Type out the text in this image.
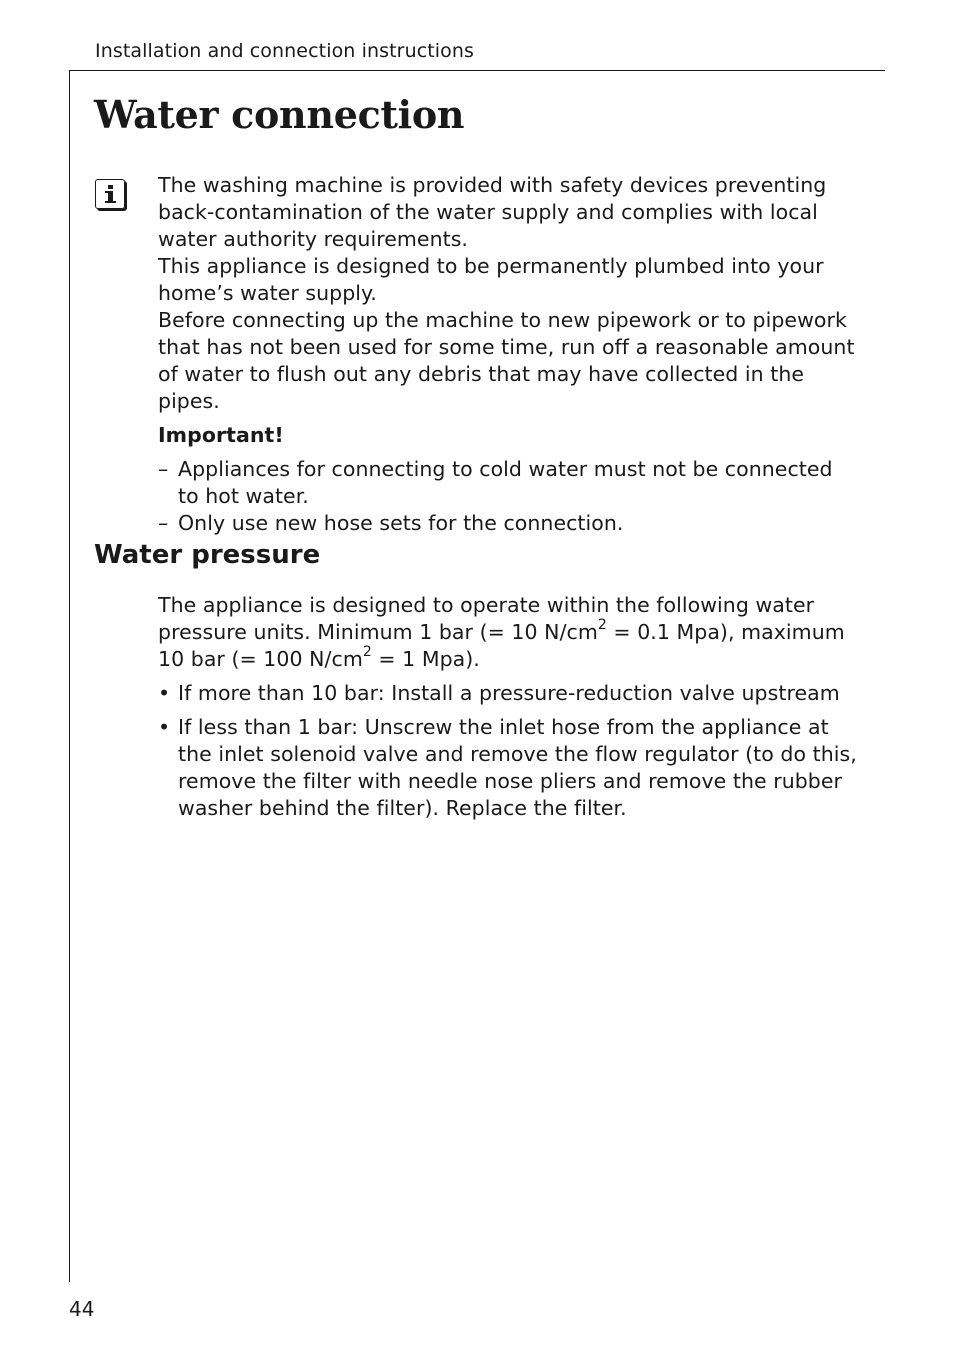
Installation and connection instructions
Water connection

The washing machine is provided with safety devices preventing back-contamination of the water supply and complies with local water authority requirements.

This appliance is designed to be permanently plumbed into your home’s water supply.

Before connecting up the machine to new pipework or to pipework that has not been used for some time, run off a reasonable amount of water to flush out any debris that may have collected in the pipes.

Important!

– Appliances for connecting to cold water must not be connected to hot water.
– Only use new hose sets for the connection.
Water pressure

The appliance is designed to operate within the following water pressure units. Minimum 1 bar (= 10 $N/cm^2 = 0.1$ Mpa), maximum
10 bar (= 100 $N/cm^2 = 1$ Mpa).

• If more than 10 bar: Install a pressure-reduction valve upstream
• If less than 1 bar: Unscrew the inlet hose from the appliance at the inlet solenoid valve and remove the flow regulator (to do this, remove the filter with needle nose pliers and remove the rubber washer behind the filter). Replace the filter.
44
